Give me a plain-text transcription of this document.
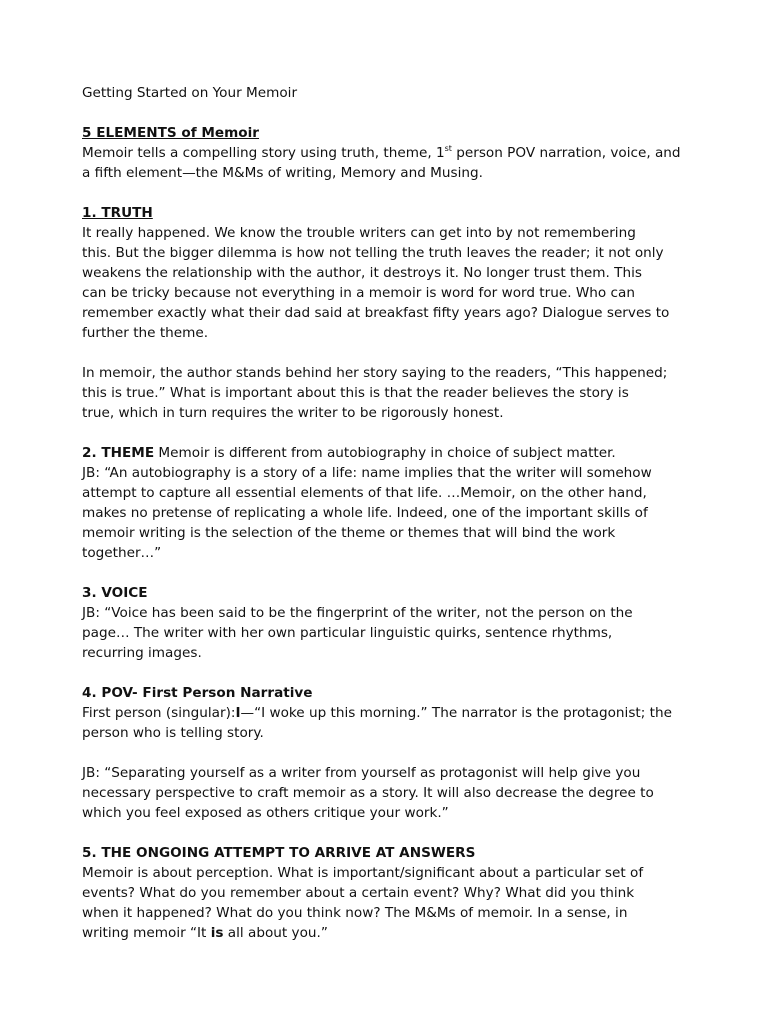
Getting Started on Your Memoir
5 ELEMENTS of Memoir
Memoir tells a compelling story using truth, theme, 1st person POV narration, voice, and
a fifth element—the M&Ms of writing, Memory and Musing.
1. TRUTH
It really happened. We know the trouble writers can get into by not remembering
this. But the bigger dilemma is how not telling the truth leaves the reader; it not only
weakens the relationship with the author, it destroys it. No longer trust them. This
can be tricky because not everything in a memoir is word for word true. Who can
remember exactly what their dad said at breakfast fifty years ago? Dialogue serves to
further the theme.
In memoir, the author stands behind her story saying to the readers, “This happened;
this is true.” What is important about this is that the reader believes the story is
true, which in turn requires the writer to be rigorously honest.
2. THEME Memoir is different from autobiography in choice of subject matter.
JB: “An autobiography is a story of a life: name implies that the writer will somehow
attempt to capture all essential elements of that life. …Memoir, on the other hand,
makes no pretense of replicating a whole life. Indeed, one of the important skills of
memoir writing is the selection of the theme or themes that will bind the work
together…”
3. VOICE
JB: “Voice has been said to be the fingerprint of the writer, not the person on the
page… The writer with her own particular linguistic quirks, sentence rhythms,
recurring images.
4. POV- First Person Narrative
First person (singular):I—“I woke up this morning.” The narrator is the protagonist; the
person who is telling story.
JB: “Separating yourself as a writer from yourself as protagonist will help give you
necessary perspective to craft memoir as a story. It will also decrease the degree to
which you feel exposed as others critique your work.”
5. THE ONGOING ATTEMPT TO ARRIVE AT ANSWERS
Memoir is about perception. What is important/significant about a particular set of
events? What do you remember about a certain event? Why? What did you think
when it happened? What do you think now? The M&Ms of memoir. In a sense, in
writing memoir “It is all about you.”
